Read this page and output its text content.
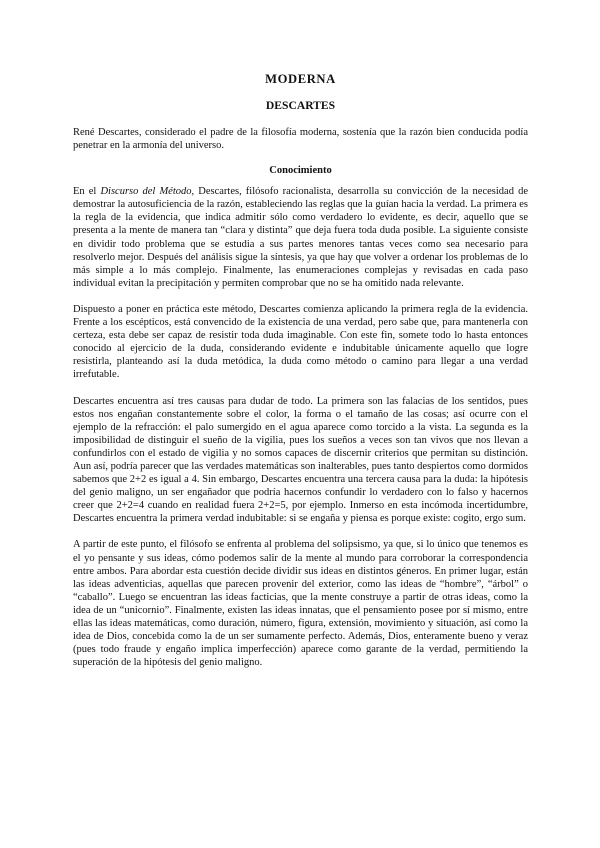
MODERNA
DESCARTES

René Descartes, considerado el padre de la filosofía moderna, sostenía que la razón bien conducida podía penetrar en la armonía del universo.

Conocimiento

En el Discurso del Método, Descartes, filósofo racionalista, desarrolla su convicción de la necesidad de demostrar la autosuficiencia de la razón, estableciendo las reglas que la guían hacia la verdad. La primera es la regla de la evidencia, que indica admitir sólo como verdadero lo evidente, es decir, aquello que se presenta a la mente de manera tan “clara y distinta” que deja fuera toda duda posible. La siguiente consiste en dividir todo problema que se estudia a sus partes menores tantas veces como sea necesario para resolverlo mejor. Después del análisis sigue la síntesis, ya que hay que volver a ordenar los problemas de lo más simple a lo más complejo. Finalmente, las enumeraciones complejas y revisadas en cada paso individual evitan la precipitación y permiten comprobar que no se ha omitido nada relevante.

Dispuesto a poner en práctica este método, Descartes comienza aplicando la primera regla de la evidencia. Frente a los escépticos, está convencido de la existencia de una verdad, pero sabe que, para mantenerla con certeza, esta debe ser capaz de resistir toda duda imaginable. Con este fin, somete todo lo hasta entonces conocido al ejercicio de la duda, considerando evidente e indubitable únicamente aquello que logre resistirla, planteando así la duda metódica, la duda como método o camino para llegar a una verdad irrefutable.

Descartes encuentra así tres causas para dudar de todo. La primera son las falacias de los sentidos, pues estos nos engañan constantemente sobre el color, la forma o el tamaño de las cosas; así ocurre con el ejemplo de la refracción: el palo sumergido en el agua aparece como torcido a la vista. La segunda es la imposibilidad de distinguir el sueño de la vigilia, pues los sueños a veces son tan vivos que nos llevan a confundirlos con el estado de vigilia y no somos capaces de discernir criterios que permitan su distinción. Aun así, podría parecer que las verdades matemáticas son inalterables, pues tanto despiertos como dormidos sabemos que 2+2 es igual a 4. Sin embargo, Descartes encuentra una tercera causa para la duda: la hipótesis del genio maligno, un ser engañador que podría hacernos confundir lo verdadero con lo falso y hacernos creer que 2+2=4 cuando en realidad fuera 2+2=5, por ejemplo. Inmerso en esta incómoda incertidumbre, Descartes encuentra la primera verdad indubitable: si se engaña y piensa es porque existe: cogito, ergo sum.

A partir de este punto, el filósofo se enfrenta al problema del solipsismo, ya que, si lo único que tenemos es el yo pensante y sus ideas, cómo podemos salir de la mente al mundo para corroborar la correspondencia entre ambos. Para abordar esta cuestión decide dividir sus ideas en distintos géneros. En primer lugar, están las ideas adventicias, aquellas que parecen provenir del exterior, como las ideas de “hombre”, “árbol” o “caballo”. Luego se encuentran las ideas facticias, que la mente construye a partir de otras ideas, como la idea de un “unicornio”. Finalmente, existen las ideas innatas, que el pensamiento posee por sí mismo, entre ellas las ideas matemáticas, como duración, número, figura, extensión, movimiento y situación, así como la idea de Dios, concebida como la de un ser sumamente perfecto. Además, Dios, enteramente bueno y veraz (pues todo fraude y engaño implica imperfección) aparece como garante de la verdad, permitiendo la superación de la hipótesis del genio maligno.
